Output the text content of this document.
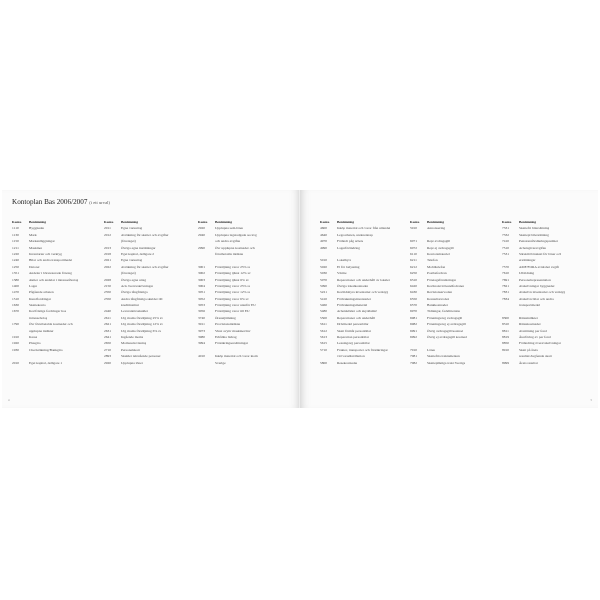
Kontoplan Bas 2006/2007 (i ett urval)
Konto	Benämning
1110	Byggnader
1130	Mark
1150	Markanläggningar
1211	Maskiner
1220	Inventarier och verktyg
1240	Bilar och andra transportmedel
1250	Datorer
1351	Andelar i börsnoterade företag
1380	Aktier och andelar i intresseföretag
1400	Lager
1470	Pågående arbeten
1510	Kundfordringar
1630	Skattekonto
1670	Kortfristiga fordringar hos
intressebolag
1790	Övr förutbetalda kostnader och
upplupna intäkter
1910	Kassa
1920	Plusgiro
1930	Checkräkning/Bankgiro
2010	Eget kapital, delägare 1
Konto	Benämning
2011	Egna varuuttag
2012	Avräkning för skatter och avgifter
(företaget)
2013	Övriga egna insättningar
2018	Eget kapital, delägare 2
2021	Egna varuuttag
2022	Avräkning för skatter och avgifter
(företaget)
2028	Övriga egna uttag
2150	Ack överavskrivningar
2350	Övriga långfristiga
2350	Andra långfristiga skulder till
kreditinstitut
2440	Leverantörsskulder
2611	Utg moms försäljning 25% sv
2621	Utg moms försäljning 12% sv
2631	Utg moms försäljning 6% sv
2641	Ingående moms
2650	Momsredovisning
2710	Personalskatt
2893	Skulder närstående personer
2920	Upplupna löner
Konto	Benämning
2920	Upplupna sem.löner
2940	Upplupna lagstadgade socavg
och andra avgifter
2990	Övr upplupna kostnader och
förutbetalda intäkter
3001	Försäljning varor 25% sv
3002	Försäljning tjänst 12% sv
3003	Försäljning tjänst 6% sv
3004	Försäljning varor 25% sv
3051	Försäljning varor 12% sv
3052	Försäljning varor 6% sv
3053	Försäljning varor utanför EU
3056	Försäljning varor till EU
3740	Öresutjämning
3911	Provisionsintäkter
3973	Vinst avyttr maskiner/inv
3980	Erhållna bidrag
3994	Försäkringsersättningar
4010	Inköp material och varor inom
Sverige
4
Konto	Benämning
4600	Inköp material och varor från utlandet
4640	Legoarbeten, underentrep
4970	Förändr påg arbete
4990	Lagerförändring
5010	Lokalhyra
5020	El för belysning
5030	Värme
5070	Reparationer och underhåll av lokaler
5090	Övriga lokalkostnader
5221	Korttidshyra inventarier och verktyg
5410	Förbrukningsinventarier
5460	Förbrukningsmaterial
5480	Arbetskläder och skyddsmtrl
5500	Reparationer och underhåll
5611	Drivmedel personbilar
5612	Skatt förmåt personbilar
5613	Reparation personbilar
5615	Leasingavg personbilar
5710	Frakter, transporter och försäkringar
vid varudistribution
5800	Resekostnader
Konto	Benämning
5910	Annonsering
6071	Repr avdragsgill
6072	Repr ej avdragsgill
6110	Kontorsmateriel
6211	Telefon
6212	Mobiltelefon
6250	Postbefordran
6310	Företagsförsäkringar
6420	Kortinatsvid kundfodraner
6430	Revisionsarvoden
6550	Konsultarvoden
6570	Bankkostnader
6970	Tidningar, facklitteratur
6981	Föreningsavg avdragsgill
6982	Föreningsavg ej avdragsgill
6991	Övrig avdragsgill kostnad
6992	Övrig ej avdragsgill kostnad
7010	Löner
7081	Skattefria traktamenten
7082	Skattepliktiga trakt Sverige
Konto	Benämning
7331	Skattefri bilersättning
7332	Skattepl bilersättning
7410	Pensionsförsäkringspremier
7510	Arbetsgivaravgifter
7531	Särskild lönskatt för löner och
ersättningar
7570	AMF/FORA avtalsbet avgift
7610	Utbildning
7691	Personalrepresentation
7821	Avskrivningar byggnader
7831	Avskrivn inventarier och verktyg
7834	Avskrivn bilar och andra
transportmedel
8300	Ränteintäkter
8310	Räntekostnader
8811	Avsättning per fond
8819	Återföring av per fond
8850	Förändring överavskrivningar
8910	Skatt på årets
resultat/Avgående skatt
8999	Årets resultat
5
